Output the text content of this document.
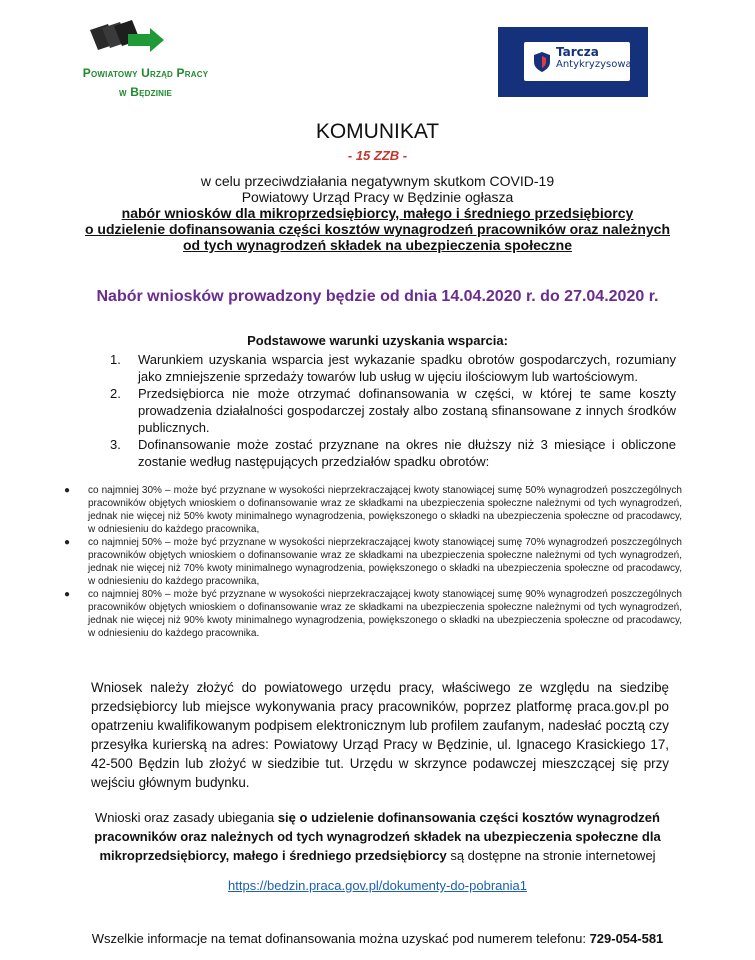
Powiatowy Urząd Pracy
w Będzinie
Tarcza
Antykryzysowa
KOMUNIKAT
- 15 ZZB -
w celu przeciwdziałania negatywnym skutkom COVID-19
Powiatowy Urząd Pracy w Będzinie ogłasza
nabór wniosków dla mikroprzedsiębiorcy, małego i średniego przedsiębiorcy
o udzielenie dofinansowania części kosztów wynagrodzeń pracowników oraz należnych
od tych wynagrodzeń składek na ubezpieczenia społeczne
Nabór wniosków prowadzony będzie od dnia 14.04.2020 r. do 27.04.2020 r.
Podstawowe warunki uzyskania wsparcia:
1. Warunkiem uzyskania wsparcia jest wykazanie spadku obrotów gospodarczych, rozumiany jako zmniejszenie sprzedaży towarów lub usług w ujęciu ilościowym lub wartościowym.
2. Przedsiębiorca nie może otrzymać dofinansowania w części, w której te same koszty prowadzenia działalności gospodarczej zostały albo zostaną sfinansowane z innych środków publicznych.
3. Dofinansowanie może zostać przyznane na okres nie dłuższy niż 3 miesiące i obliczone zostanie według następujących przedziałów spadku obrotów:
● co najmniej 30% – może być przyznane w wysokości nieprzekraczającej kwoty stanowiącej sumę 50% wynagrodzeń poszczególnych pracowników objętych wnioskiem o dofinansowanie wraz ze składkami na ubezpieczenia społeczne należnymi od tych wynagrodzeń, jednak nie więcej niż 50% kwoty minimalnego wynagrodzenia, powiększonego o składki na ubezpieczenia społeczne od pracodawcy, w odniesieniu do każdego pracownika,
● co najmniej 50% – może być przyznane w wysokości nieprzekraczającej kwoty stanowiącej sumę 70% wynagrodzeń poszczególnych pracowników objętych wnioskiem o dofinansowanie wraz ze składkami na ubezpieczenia społeczne należnymi od tych wynagrodzeń, jednak nie więcej niż 70% kwoty minimalnego wynagrodzenia, powiększonego o składki na ubezpieczenia społeczne od pracodawcy, w odniesieniu do każdego pracownika,
● co najmniej 80% – może być przyznane w wysokości nieprzekraczającej kwoty stanowiącej sumę 90% wynagrodzeń poszczególnych pracowników objętych wnioskiem o dofinansowanie wraz ze składkami na ubezpieczenia społeczne należnymi od tych wynagrodzeń, jednak nie więcej niż 90% kwoty minimalnego wynagrodzenia, powiększonego o składki na ubezpieczenia społeczne od pracodawcy, w odniesieniu do każdego pracownika.
Wniosek należy złożyć do powiatowego urzędu pracy, właściwego ze względu na siedzibę przedsiębiorcy lub miejsce wykonywania pracy pracowników, poprzez platformę praca.gov.pl po opatrzeniu kwalifikowanym podpisem elektronicznym lub profilem zaufanym, nadesłać pocztą czy przesyłka kurierską na adres: Powiatowy Urząd Pracy w Będzinie, ul. Ignacego Krasickiego 17, 42-500 Będzin lub złożyć w siedzibie tut. Urzędu w skrzynce podawczej mieszczącej się przy wejściu głównym budynku.
Wnioski oraz zasady ubiegania się o udzielenie dofinansowania części kosztów wynagrodzeń
pracowników oraz należnych od tych wynagrodzeń składek na ubezpieczenia społeczne dla
mikroprzedsiębiorcy, małego i średniego przedsiębiorcy są dostępne na stronie internetowej
https://bedzin.praca.gov.pl/dokumenty-do-pobrania1
Wszelkie informacje na temat dofinansowania można uzyskać pod numerem telefonu: 729-054-581
